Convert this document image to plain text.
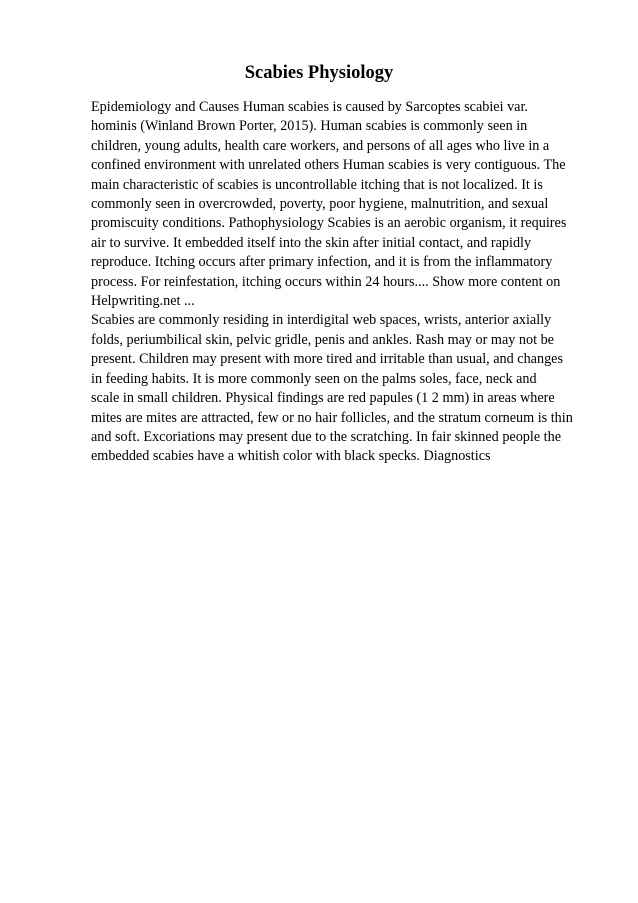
Scabies Physiology
Epidemiology and Causes Human scabies is caused by Sarcoptes scabiei var.
hominis (Winland Brown Porter, 2015). Human scabies is commonly seen in
children, young adults, health care workers, and persons of all ages who live in a
confined environment with unrelated others Human scabies is very contiguous. The
main characteristic of scabies is uncontrollable itching that is not localized. It is
commonly seen in overcrowded, poverty, poor hygiene, malnutrition, and sexual
promiscuity conditions. Pathophysiology Scabies is an aerobic organism, it requires
air to survive. It embedded itself into the skin after initial contact, and rapidly
reproduce. Itching occurs after primary infection, and it is from the inflammatory
process. For reinfestation, itching occurs within 24 hours.... Show more content on
Helpwriting.net ...
Scabies are commonly residing in interdigital web spaces, wrists, anterior axially
folds, periumbilical skin, pelvic gridle, penis and ankles. Rash may or may not be
present. Children may present with more tired and irritable than usual, and changes
in feeding habits. It is more commonly seen on the palms soles, face, neck and
scale in small children. Physical findings are red papules (1 2 mm) in areas where
mites are mites are attracted, few or no hair follicles, and the stratum corneum is thin
and soft. Excoriations may present due to the scratching. In fair skinned people the
embedded scabies have a whitish color with black specks. Diagnostics
